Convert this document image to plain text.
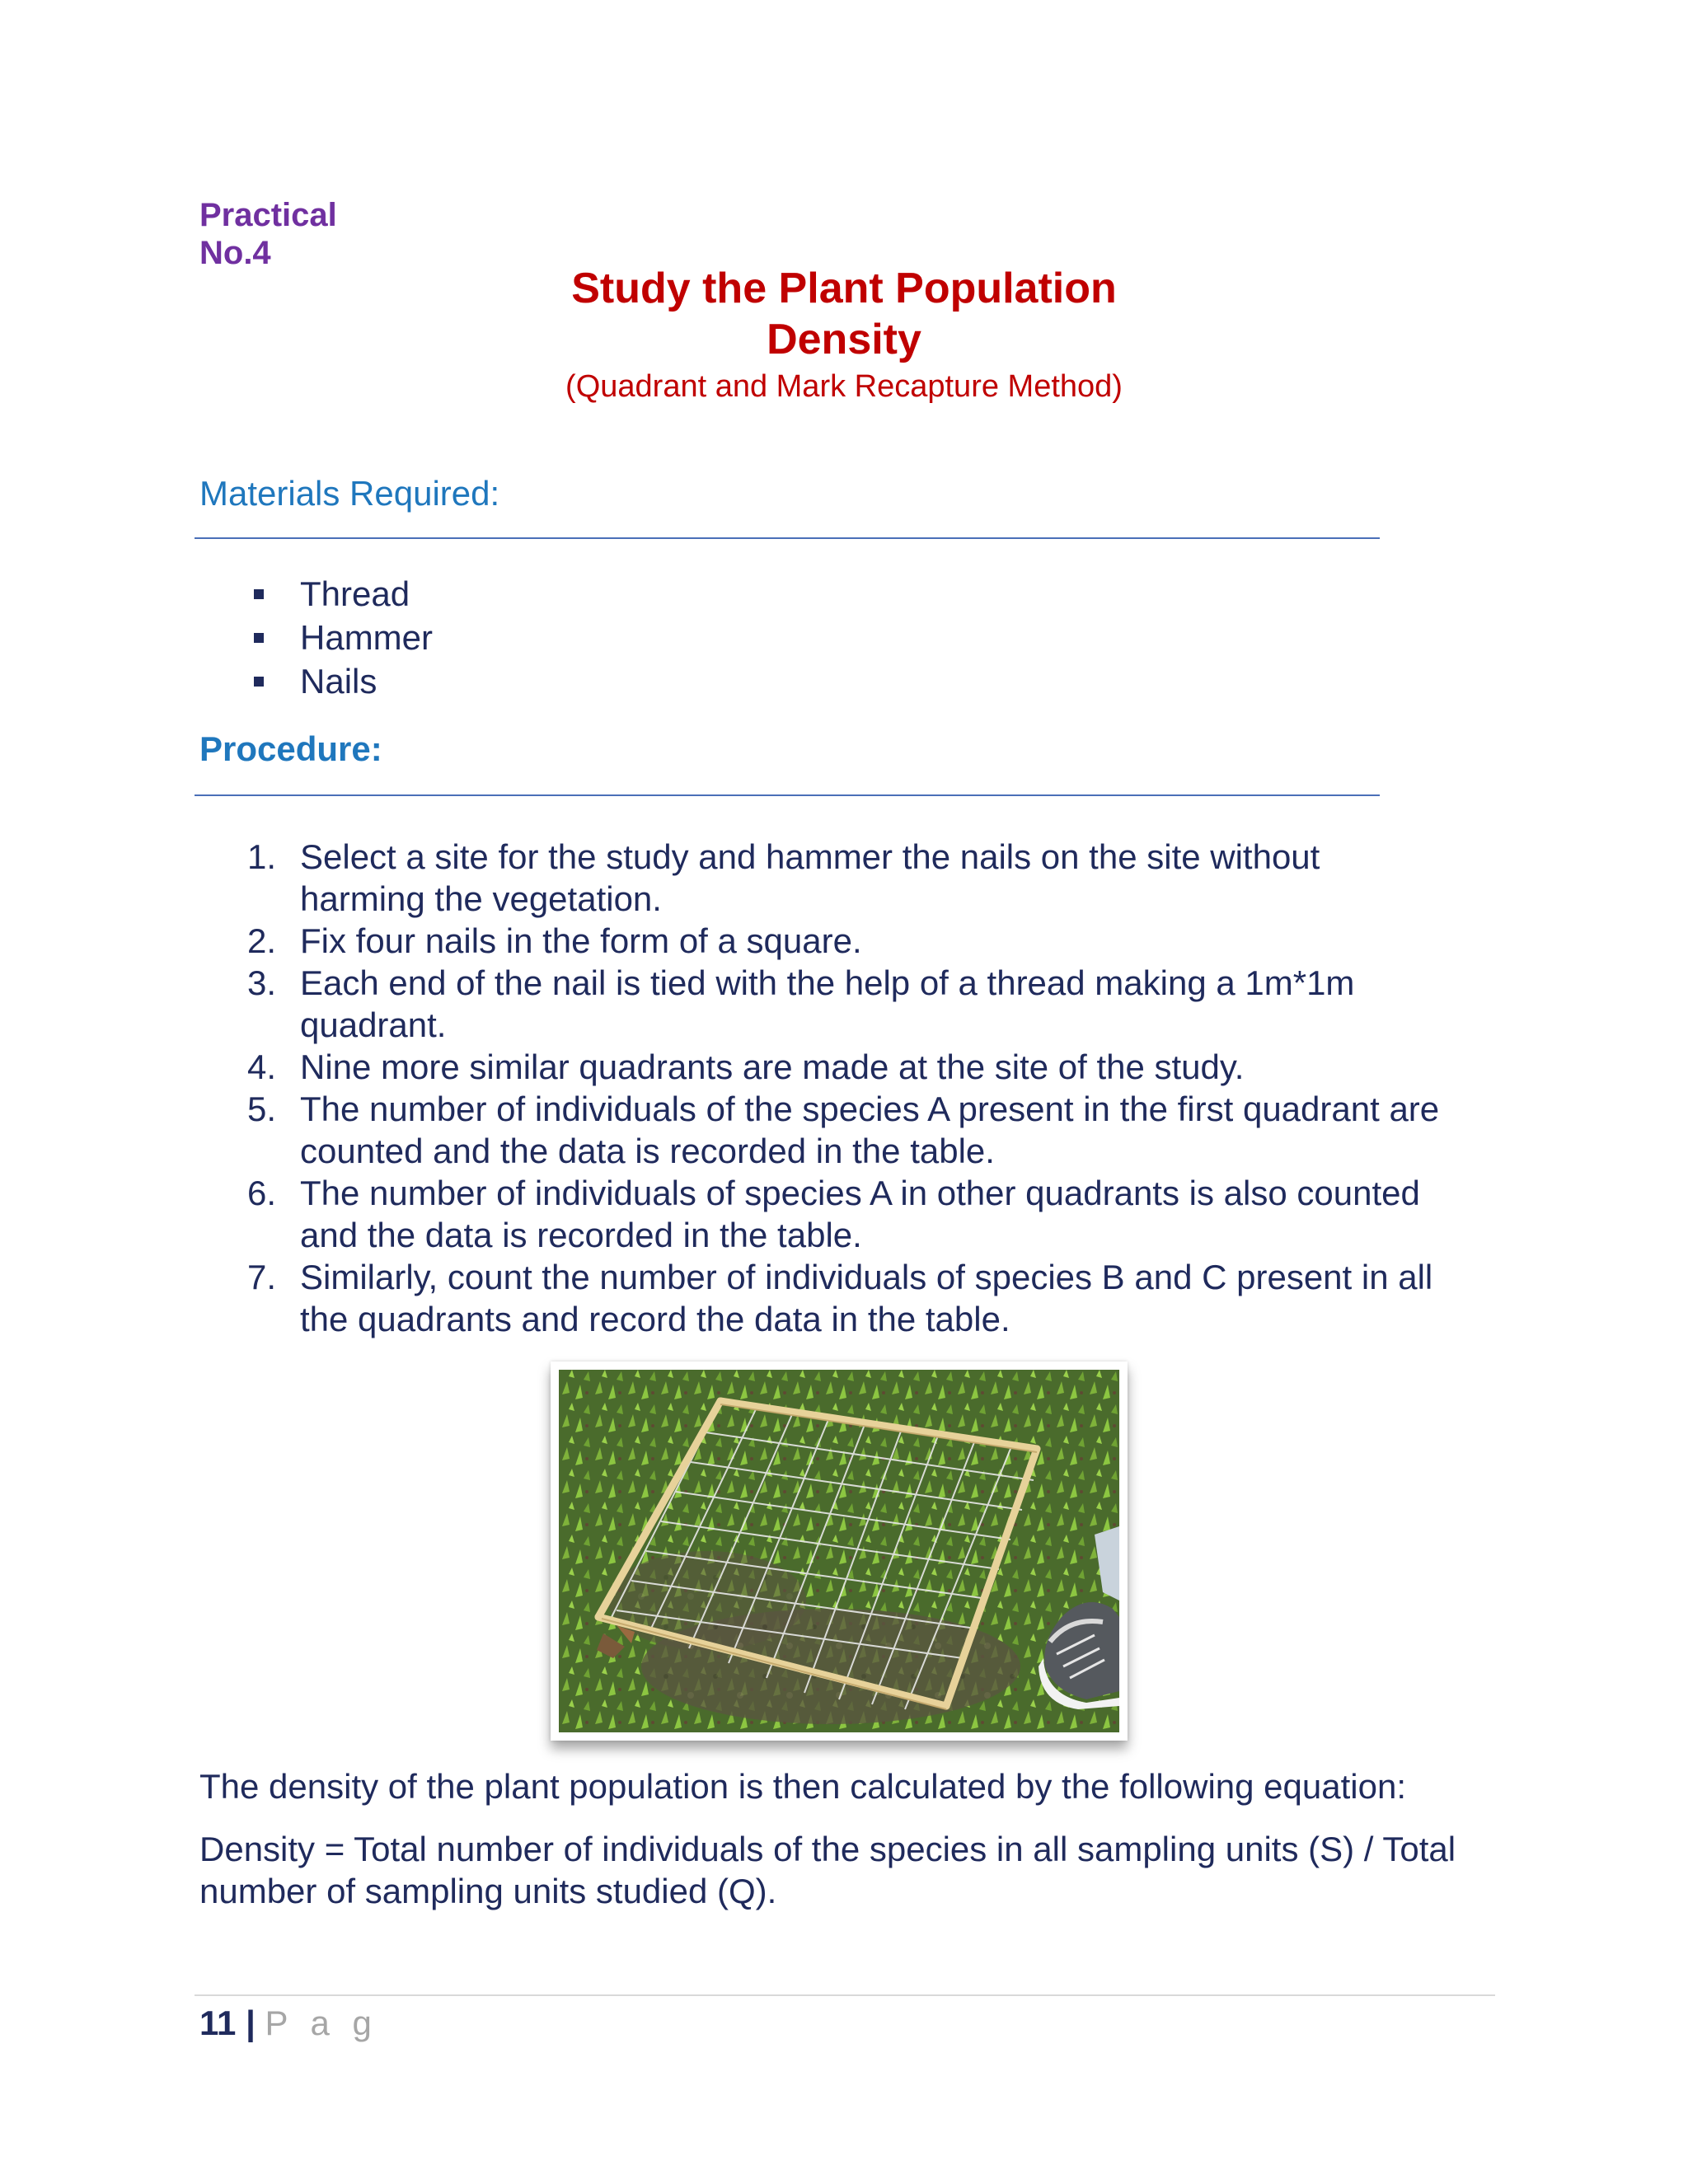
Practical
No.4
Study the Plant Population
Density
(Quadrant and Mark Recapture Method)
Materials Required:
Thread
Hammer
Nails
Procedure:
1. Select a site for the study and hammer the nails on the site without
harming the vegetation.
2. Fix four nails in the form of a square.
3. Each end of the nail is tied with the help of a thread making a 1m*1m
quadrant.
4. Nine more similar quadrants are made at the site of the study.
5. The number of individuals of the species A present in the first quadrant are
counted and the data is recorded in the table.
6. The number of individuals of species A in other quadrants is also counted
and the data is recorded in the table.
7. Similarly, count the number of individuals of species B and C present in all
the quadrants and record the data in the table.
The density of the plant population is then calculated by the following equation:
Density = Total number of individuals of the species in all sampling units (S) / Total
number of sampling units studied (Q).
11 | P a g
